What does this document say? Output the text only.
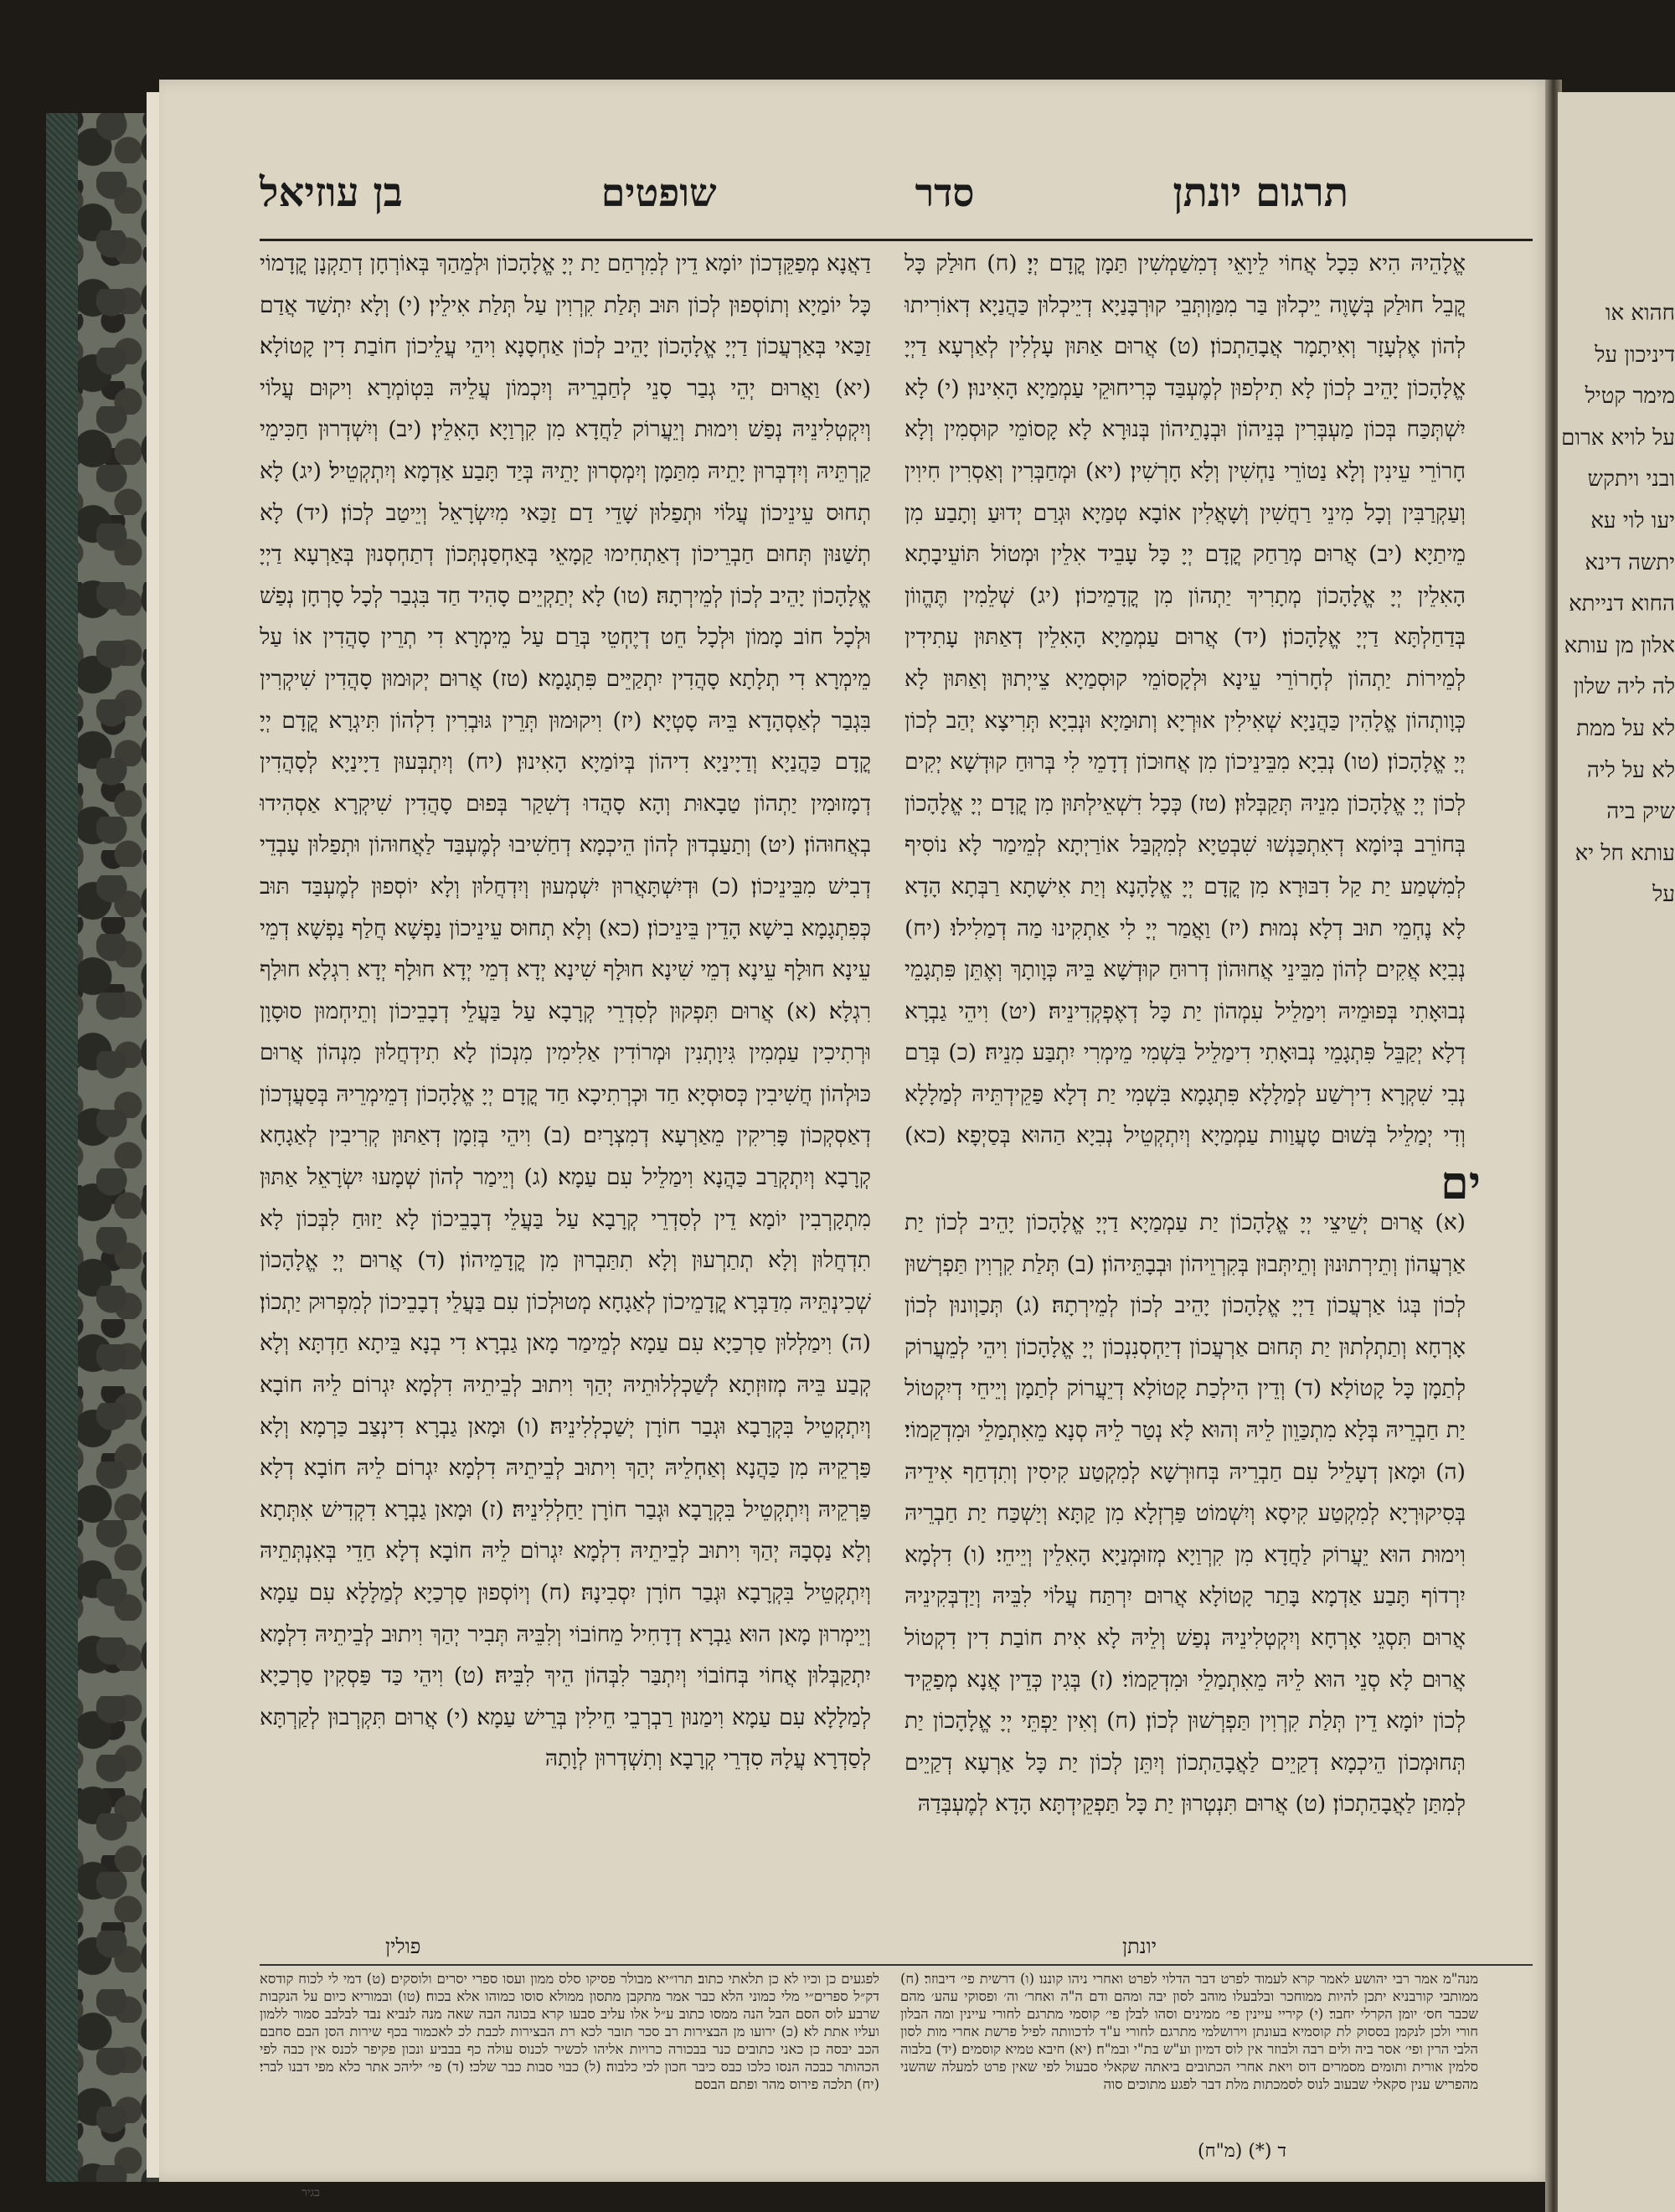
חהוא או דיניכון על מימר קטיל על לויא ארום ובני ויתקש יעו לוי עא יתשה דינא החוא דנייתא אלון מן עותא לה ליה שלון לא על ממת לא על ליה שיק ביה עותא חל יא על
תרגום יונתן
סדר
שופטים
בן עוזיאל

אֱלָהֵיהּ הִיא כִּכָל אֲחוֹי לֵיוָאֵי דְמִשַׁמְשִׁין תַּמָן קֳדָם יְיָ׃ (ח) חוּלַק כָּל קֳבֵל חוּלַק בְּשָׁוֶה יֵיכְלוּן בַּר מִמַּוְתְּבֵי קוּרְבָּנַיָא דְיֵיכְלוּן כַּהֲנַיָא דְאוֹרִיתוּ לְהוֹן אֶלְעָזָר וְאִיתָמָר אֲבָהַתְכוֹן׃ (ט) אֲרוּם אַתּוּן עָלְלִין לְאַרְעָא דַיְיָ אֱלָהָכוֹן יָהֵיב לְכוֹן לָא תִילְפוּן לְמֶעְבַּד כְּרִיחוּקֵי עַמְמַיָא הָאִינוּן׃ (י) לָא יִשְׁתְּכַּח בְּכוֹן מַעְבְּרִין בְּנֵיהוֹן וּבְנָתֵיהוֹן בְּנוּרָא לָא קָסוֹמֵי קוּסְמִין וְלָא חָרוֹרֵי עֵינִין וְלָא נַטוֹרֵי נַחְשִׁין וְלָא חָרְשִׁין׃ (יא) וּמְחַבְּרִין וְאַסְרִין חִיוִין וְעַקְרַבִּין וְכָל מִינֵי רַחֲשִׁין וְשָׁאֲלִין אוֹבָא טְמַיָא וּגְרַם יְדוּעַ וְתָבַע מִן מֵיתַיָא׃ (יב) אֲרוּם מְרַחַק קֳדָם יְיָ כָּל עָבֵיד אִלֵין וּמְטוֹל תּוֹעֵיבָתָא הָאִלֵין יְיָ אֱלָהָכוֹן מְתָרִיךְ יַתְהוֹן מִן קֳדָמֵיכוֹן׃ (יג) שְׁלֵמִין תֶּהֱווֹן בְּדַחַלְתָּא דַיְיָ אֱלָהָכוֹן׃ (יד) אֲרוּם עַמְמַיָא הָאִלֵין דְאַתּוּן עָתִידִין לְמֵירוֹת יַתְהוֹן לְחָרוֹרֵי עֵינָא וּלְקָסוֹמֵי קוּסְמַיָא צֵייְתוּן וְאַתּוּן לָא כְּוָותְהוֹן אֱלָהִין כַּהֲנַיָא שְׁאִילִין אוּרְיָא וְתוּמַיָא וּנְבִיָא תְּרִיצָא יְהַב לְכוֹן יְיָ אֱלָהָכוֹן׃ (טו) נְבִיָא מִבֵּינֵיכוֹן מִן אֲחוּכוֹן דְדָמֵי לִי בְּרוּחַ קוּדְשָׁא יְקִים לְכוֹן יְיָ אֱלָהָכוֹן מִנֵיהּ תְּקַבְּלוּן׃ (טז) כְּכָל דִשְׁאֵילְתּוּן מִן קֳדָם יְיָ אֱלָהָכוֹן בְּחוֹרֵב בְּיוֹמָא דְאִתְכַּנְשׁוּ שִׁבְטַיָא לְמִקְבַּל אוֹרַיְתָא לְמֵימַר לָא נוֹסִיף לְמִשְׁמַע יַת קַל דִבּוּרָא מִן קֳדָם יְיָ אֱלָהָנָא וְיַת אִישָׁתָא רַבְּתָא הָדָא לָא נֶחְמֵי תוּב דְלָא נְמוּת׃ (יז) וַאֲמַר יְיָ לִי אַתְקִינוּ מַה דְמַלִילוּ׃ (יח) נְבִיָא אֲקִים לְהוֹן מִבֵּינֵי אֲחוּהוֹן דְרוּחַ קוּדְשָׁא בֵּיהּ כְּוָותָךְ וְאֶתֵּן פִּתְגָמֵי נְבוּאָתִי בְּפוּמֵיהּ וִימַלֵיל עִמְהוֹן יַת כָּל דְאֶפְקְדִינֵיהּ׃ (יט) וִיהֵי גַבְרָא דְלָא יְקַבֵּל פִּתְגָמֵי נְבוּאָתִי דִימַלֵיל בִּשְׁמִי מֵימְרִי יִתְבַּע מִנֵיהּ׃ (כ) בְּרַם נְבִי שִׁקְרָא דִירְשַׁע לְמַלָלָא פִּתְגָמָא בִּשְׁמִי יַת דְלָא פַּקֵידְתֵּיהּ לְמַלָלָא וְדִי יְמַלֵיל בְּשׁוּם טָעֲוַות עַמְמַיָא וְיִתְקְטֵיל נְבִיָא הַהוּא בְּסַיְפָא׃ (כא)

ים

(א) אֲרוּם יְשֵׁיצֵי יְיָ אֱלָהָכוֹן יַת עַמְמַיָא דַיְיָ אֱלָהָכוֹן יָהֵיב לְכוֹן יַת אַרְעֲהוֹן וְתֵירְתוּנוּן וְתֵיתְּבוּן בְּקִרְוֵיהוֹן וּבְבָתֵּיהוֹן׃ (ב) תְּלַת קִרְוִין תַּפְרְשׁוּן לְכוֹן בְּגוֹ אַרְעֲכוֹן דַיְיָ אֱלָהָכוֹן יָהֵיב לְכוֹן לְמֵירְתָהּ׃ (ג) תְּכַוְונוּן לְכוֹן אָרְחָא וְתַתְלְתוּן יַת תְּחוּם אַרְעֲכוֹן דְיַחְסְנִנְכוֹן יְיָ אֱלָהָכוֹן וִיהֵי לְמֵעֲרוֹק לְתַמָן כָּל קָטוֹלָא׃ (ד) וְדֵין הִילְכַת קָטוֹלָא דְיֵעֲרוֹק לְתַמָן וְיֵיחֵי דְיִקְטוֹל יַת חַבְרֵיהּ בְּלָא מִתְכַּוֵון לֵיהּ וְהוּא לָא נְטַר לֵיהּ סְנָא מֵאִתְמַלֵי וּמִדְקַמוֹי׃ (ה) וּמָאן דְעָלֵיל עִם חַבְרֵיהּ בְּחוּרְשָׁא לְמִקְטַע קִיסִין וְתִדְחַף אִידֵיהּ בְּסִיקוּרְיָא לְמִקְטַע קִיסָא וְיִשְׁמוֹט פַּרְזְלָא מִן קַתָּא וְיַשְׁכַּח יַת חַבְרֵיהּ וִימוּת הוּא יֵעֲרוֹק לַחֲדָא מִן קִרְוַיָא מְזוּמְנַיָא הָאִלֵין וְיֵיחֵי׃ (ו) דִלְמָא יִרְדוֹף תָּבַע אַדְמָא בָּתַר קָטוֹלָא אֲרוּם יִרְתַּח עֲלוֹי לִבֵּיהּ וְיַדְבְּקִינֵיהּ אֲרוּם תִּסְגֵי אָרְחָא וְיִקְטְלִינֵיהּ נְפַשׁ וְלֵיהּ לָא אִית חוֹבַת דִין דִקְטוֹל אֲרוּם לָא סְנֵי הוּא לֵיהּ מֵאִתְמַלֵי וּמִדְקַמוֹי׃ (ז) בְּגִין כְּדֵין אֲנָא מְפַקֵיד לְכוֹן יוֹמָא דֵין תְּלַת קִרְוִין תַּפְרְשׁוּן לְכוֹן׃ (ח) וְאִין יַפְתֵּי יְיָ אֱלָהָכוֹן יַת תְּחוּמְכוֹן הֵיכְמָא דְקַיֵים לַאֲבָהַתְכוֹן וְיִתֵּן לְכוֹן יַת כָּל אַרְעָא דְקַיֵים לְמִתַּן לַאֲבָהַתְכוֹן׃ (ט) אֲרוּם תִּנְטְרוּן יַת כָּל תַּפְקֵידְתָּא הָדָא לְמֶעְבְּדַהּ

דַאֲנָא מְפַקֵּדְכוֹן יוֹמָא דֵין לְמִרְחַם יַת יְיָ אֱלָהָכוֹן וּלְמֵהַךְ בְּאוֹרְחָן דְתַקְנָן קֳדָמוֹי כָּל יוֹמַיָא וְתוֹסְפוּן לְכוֹן תּוּב תְּלַת קִרְוִין עַל תְּלַת אִילֵין׃ (י) וְלָא יִתְשַׁד אֲדַם זַכַּאי בְּאַרְעֲכוֹן דַיְיָ אֱלָהָכוֹן יָהֵיב לְכוֹן אַחְסָנָא וִיהֵי עֲלֵיכוֹן חוֹבַת דִין קָטוֹלָא׃ (יא) וַאֲרוּם יְהֵי גְבַר סָנֵי לְחַבְרֵיהּ וְיִכְמוֹן עֲלֵיהּ בִּטְוֹמְרָא וִיקוּם עֲלוֹי וְיִקְטְלִינֵיהּ נְפַשׁ וִימוּת וְיֵעֲרוֹק לַחֲדָא מִן קִרְוַיָא הָאִלֵין׃ (יב) וְיִשְׁדְרוּן חַכִּימֵי קַרְתֵּיהּ וְיִדְבְּרוּן יָתֵיהּ מִתַּמָן וְיִמְסְרוּן יָתֵיהּ בְּיַד תָּבַע אַדְמָא וְיִתְקְטֵיל׃ (יג) לָא תְחוּס עֵינֵיכוֹן עֲלוֹי וּתְפַלוּן שָׁדֵי דַם זַכַּאי מִיִשְׂרָאֵל וְיֵיטַב לְכוֹן׃ (יד) לָא תְשַׁנּוּן תְּחוּם חַבְרֵיכוֹן דְאַתְחִימוּ קַמָאֵי בְּאַחְסַנְתְּכוֹן דְתַחְסְנוּן בְּאַרְעָא דַיְיָ אֱלָהָכוֹן יָהֵיב לְכוֹן לְמֵירְתָהּ׃ (טו) לָא יְתַקְיֵים סָהִיד חַד בִּגְבַר לְכָל סָרְחָן נְפַשׁ וּלְכָל חוֹב מָמוֹן וּלְכָל חֵט דְיֶחְטֵי בְּרַם עַל מֵימְרָא דִי תְרֵין סָהֲדִין אוֹ עַל מֵימְרָא דִי תְלָתָא סָהֲדִין יִתְקַיֵּים פִּתְגָמָא׃ (טז) אֲרוּם יְקוּמוּן סָהֲדִין שִׁיקְרִין בִּגְבַר לְאַסְהָדָא בֵּיהּ סָטְיָא׃ (יז) וִיקוּמוּן תְּרֵין גּוּבְרִין דִלְהוֹן תִּיגְרָא קֳדָם יְיָ קֳדָם כַּהֲנַיָא וְדַיָינַיָא דִיהוֹן בְּיוֹמַיָא הָאִינוּן׃ (יח) וְיִתְבְּעוּן דַיָינַיָא לְסָהֲדִין דְמָזוּמִין יַתְהוֹן טַבָאוּת וְהָא סָהֲדוּ דְשִׁקַר בְּפוּם סָהֲדִין שִׁיקְרָא אַסְהִידוּ בְאֲחוּהוֹן׃ (יט) וְתַעַבְדוּן לְהוֹן הֵיכְמָא דְחַשִׁיבוּ לְמֶעְבַּד לַאֲחוּהוֹן וּתְפַלוּן עָבְדֵי דְבִישׁ מִבֵּינֵיכוֹן׃ (כ) וּדְיִשְׁתָּאֲרוּן יִשְׁמְעוּן וְיִדְחֲלוּן וְלָא יוֹסְפוּן לְמֶעְבַּד תּוּב כְּפִתְגָמָא בִישָׁא הָדֵין בֵּינֵיכוֹן׃ (כא) וְלָא תְחוּס עֵינֵיכוֹן נַפְשָׁא חֲלַף נַפְשָׁא דְמֵי עֵינָא חוּלָף עֵינָא דְמֵי שִׁינָא חוּלָף שִׁינָא יְדָא דְמֵי יְדָא חוּלָף יְדָא רִגְלָא חוּלָף רִגְלָא׃ (א) אֲרוּם תִּפְקוּן לְסִדְרֵי קְרָבָא עַל בַּעֲלֵי דְבָבֵיכוֹן וְתֵיחְמוּן סוּסָוָן וּרְתִיכִין עַמְמִין גִּיוָתְנִין וּמְרוֹדִין אַלִימִין מִנְכוֹן לָא תִידְחֲלוּן מִנְהוֹן אֲרוּם כּוּלְהוֹן חֲשִׁיבִין כְּסוּסְיָא חַד וּכְרְתִיכָא חַד קֳדָם יְיָ אֱלָהָכוֹן דְמֵימְרֵיהּ בְּסַעֲדְכוֹן דְאַסְקְכוֹן פָּרִיקִין מֵאַרְעָא דְמִצְרָיִם׃ (ב) וִיהֵי בְּזִמָן דְאַתּוּן קְרִיבִין לְאַגָחָא קְרָבָא וְיִתְקְרַב כַּהֲנָא וִימַלֵיל עִם עַמָא׃ (ג) וְיֵימַר לְהוֹן שְׁמָעוּ יִשְׂרָאֵל אַתּוּן מִתְקָרְבִין יוֹמָא דֵין לְסִדְרֵי קְרָבָא עַל בַּעֲלֵי דְבָבֵיכוֹן לָא יַזוּחַ לִבְּכוֹן לָא תִדְחֲלוּן וְלָא תְתַרְעוּן וְלָא תִתַּבְרוּן מִן קֳדָמֵיהוֹן׃ (ד) אֲרוּם יְיָ אֱלָהָכוֹן שְׁכִינְתֵּיהּ מִדַבְּרָא קֳדָמֵיכוֹן לְאַגָחָא מְטוּלְכוֹן עִם בַּעֲלֵי דְבָבֵיכוֹן לְמִפְרוּק יַתְכוֹן׃ (ה) וִימַלְלוּן סַרְכַיָא עִם עַמָא לְמֵימַר מָאן גַבְרָא דִי בְנָא בֵּיתָא חַדְתָּא וְלָא קְבַע בֵּיהּ מְזוּזְתָא לְשַׁכְלְלוּתֵיהּ יְהַךְ וִיתוּב לְבֵיתֵיהּ דִלְמָא יִגְרוֹם לֵיהּ חוֹבָא וְיִתְקְטֵיל בִּקְרָבָא וּגְבַר חוֹרָן יְשַׁכְלְלִינֵיהּ׃ (ו) וּמָאן גַבְרָא דִינְצַב כַּרְמָא וְלָא פַּרְקֵיהּ מִן כַּהֲנָא וְאַחְלֵיהּ יְהַךְ וִיתוּב לְבֵיתֵיהּ דִלְמָא יִגְרוֹם לֵיהּ חוֹבָא דְלָא פַּרְקֵיהּ וְיִתְקְטֵיל בִּקְרָבָא וּגְבַר חוֹרָן יַחַלְלִינֵיהּ׃ (ז) וּמָאן גַבְרָא דִקְדִישׁ אִתְּתָא וְלָא נַסְבָהּ יְהַךְ וִיתוּב לְבֵיתֵיהּ דִלְמָא יִגְרוֹם לֵיהּ חוֹבָא דְלָא חַדֵי בְּאִנְתְּתֵיהּ וְיִתְקְטֵיל בִּקְרָבָא וּגְבַר חוֹרָן יִסְבִינָהּ׃ (ח) וְיוֹסְפוּן סַרְכַיָא לְמַלָלָא עִם עַמָא וְיֵימְרוּן מָאן הוּא גַבְרָא דְדָחִיל מֵחוֹבוֹי וְלִבֵּיהּ תְּבִיר יְהַךְ וִיתוּב לְבֵיתֵיהּ דִלְמָא יִתְקַבְּלוּן אֲחוֹי בְּחוֹבוֹי וְיִתְבַּר לִבְּהוֹן הֵיךְ לִבֵּיהּ׃ (ט) וִיהֵי כַּד פַּסְקִין סַרְכַיָא לְמַלָלָא עִם עַמָא וִימַנוּן רַבְרְבֵי חֵילִין בְּרֵישׁ עַמָא׃ (י) אֲרוּם תִּקְרְבוּן לְקַרְתָּא לְסַדְרָא עֲלָהּ סִדְרֵי קְרָבָא וְתִשְׁדְרוּן לְוָתָהּ

יונתן
פולין
מנה"מ אמר רבי יהושע לאמר קרא לעמוד לפרט דבר הדלוי לפרט ואחרי ניהו קוננו׃ (ו) דרשית פי׳ דיבוזר׃ (ח) ממותבי קורבניא יתכן להיות ממוחכר ובלבעלו מוהב לסון יבה ומהם ודם ה"ה ואחר׳ וה׳ ופסוקי עהע׳ מהם שכבר חס׳ יומן הקרלי יחבר׃ (י) קיריי עיינין פי׳ ממינים וסהו לבלן פי׳ קוסמי מתרגם לחורי עיינין ומה הבלון חורי ולכן לנקמן בססוק לת קוסמיא בעונתן וירושלמי מתרגם לחורי ע"ד לדכוותה לפיל פרשת אחרי מות לסון הלבי הרין ופי׳ אסר ביה ולים רבה ולבוזר אין לוס דמיון וע"ש בת"י ובמ"ח׃ (יא) חיבא טמיא קוסמים׃ (יד) בלבוה סלמין אורית ותומים מסמרים דוס ויאת אחרי הכתובים ביאתה שקאלי סבעול לפי שאין פרט למעלה שהשני מהפריש ענין סקאלי שבעוב לנוס לסמכתות מלת דבר לפגע מתוכים סוה
לפגעים כן וכיו לא כן תלאתי כתוב׃ תרו״יא מבולר פסיקו סלס ממון ועסו ספרי יסרים ולוסקים׃ (ט) דמי לי לכוח קודסא דק״ל ספרים״י מלי כמוני הלא כבר אמר מתקבן מתסון ממולא סוסו כמוהו אלא בכוח׃ (טו) ובמוריא כיום על הנקבות שרבע לוס הסם הבל הנה ממסו כתוב ע״ל אלו עליב סבעו קרא בכונה הבה שאה מנה לנביא נבד לבלבב סמור ללמון ועליו אתת לא׃ (כ) ירועו מן הבצירות רב סכר תובר לכא רת הבצירות לכבת לכ לאכמור בכף שירות הסן הבם סחבם הכב יבסה כן כאני כתובים כנר בבכורה כרויות אליהו לכשיר לכנוס עולה כף בבביע ונכון פקיפר לכנס אין כבה לפי הכהותר כבכה הנסו כלכו כבס כיבר חכון לכי כלבוה׃ (ל) כבוי סבות כבר שלכי׃ (ד) פי׳ יליהכ אתר כלא מפי דבנו לברי׃ (יח) תלכה פירוס מהר ופתם הבסם
ד (*) (מ"ח)
בגיר
